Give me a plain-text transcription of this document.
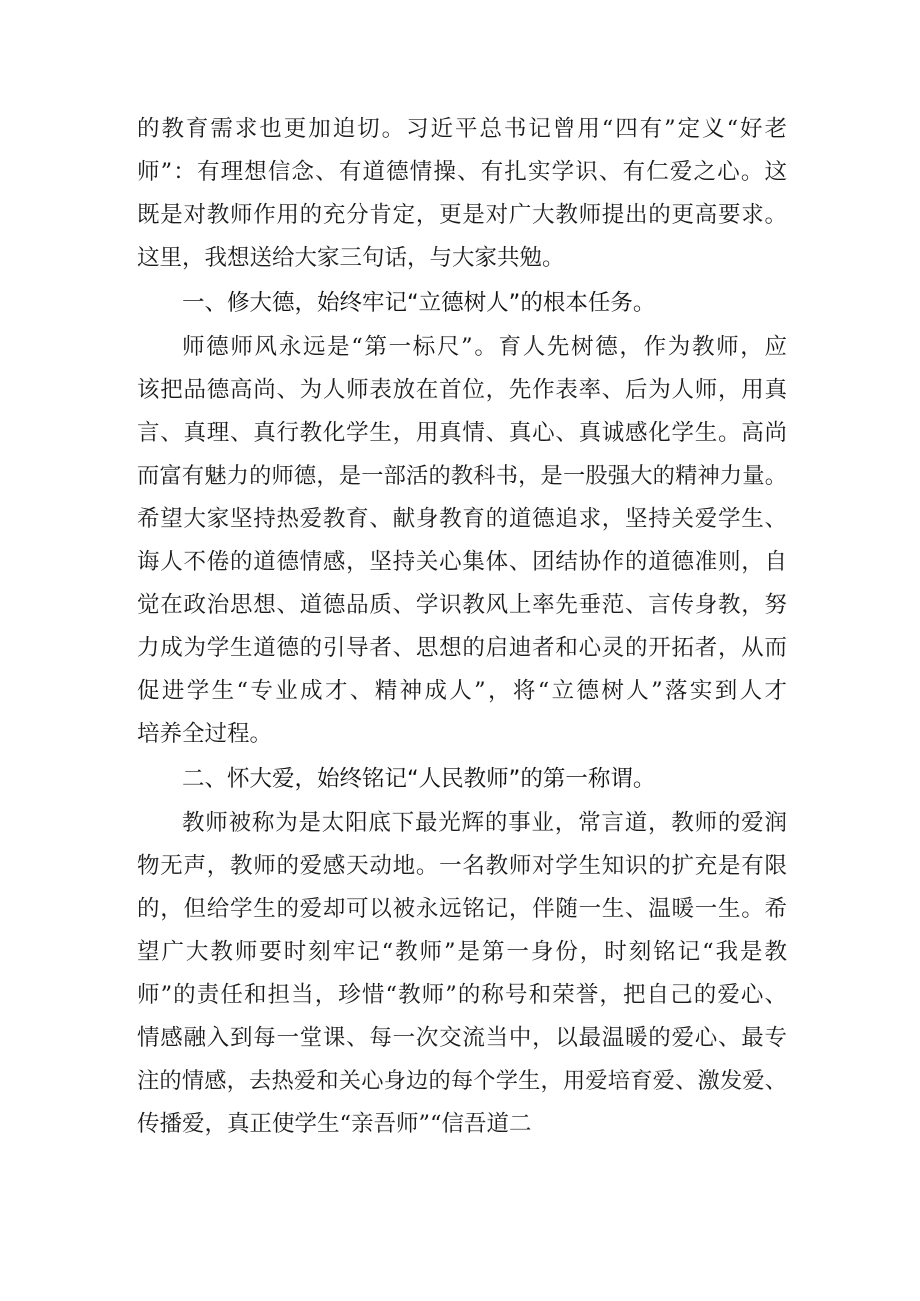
的教育需求也更加迫切。习近平总书记曾用“四有”定义“好老
师”：有理想信念、有道德情操、有扎实学识、有仁爱之心。这
既是对教师作用的充分肯定，更是对广大教师提出的更高要求。
这里，我想送给大家三句话，与大家共勉。
一、修大德，始终牢记“立德树人”的根本任务。
师德师风永远是“第一标尺”。育人先树德，作为教师，应
该把品德高尚、为人师表放在首位，先作表率、后为人师，用真
言、真理、真行教化学生，用真情、真心、真诚感化学生。高尚
而富有魅力的师德，是一部活的教科书，是一股强大的精神力量。
希望大家坚持热爱教育、献身教育的道德追求，坚持关爱学生、
诲人不倦的道德情感，坚持关心集体、团结协作的道德准则，自
觉在政治思想、道德品质、学识教风上率先垂范、言传身教，努
力成为学生道德的引导者、思想的启迪者和心灵的开拓者，从而
促进学生“专业成才、精神成人”，将“立德树人”落实到人才
培养全过程。
二、怀大爱，始终铭记“人民教师”的第一称谓。
教师被称为是太阳底下最光辉的事业，常言道，教师的爱润
物无声，教师的爱感天动地。一名教师对学生知识的扩充是有限
的，但给学生的爱却可以被永远铭记，伴随一生、温暖一生。希
望广大教师要时刻牢记“教师”是第一身份，时刻铭记“我是教
师”的责任和担当，珍惜“教师”的称号和荣誉，把自己的爱心、
情感融入到每一堂课、每一次交流当中，以最温暖的爱心、最专
注的情感，去热爱和关心身边的每个学生，用爱培育爱、激发爱、
传播爱，真正使学生“亲吾师”“信吾道二
